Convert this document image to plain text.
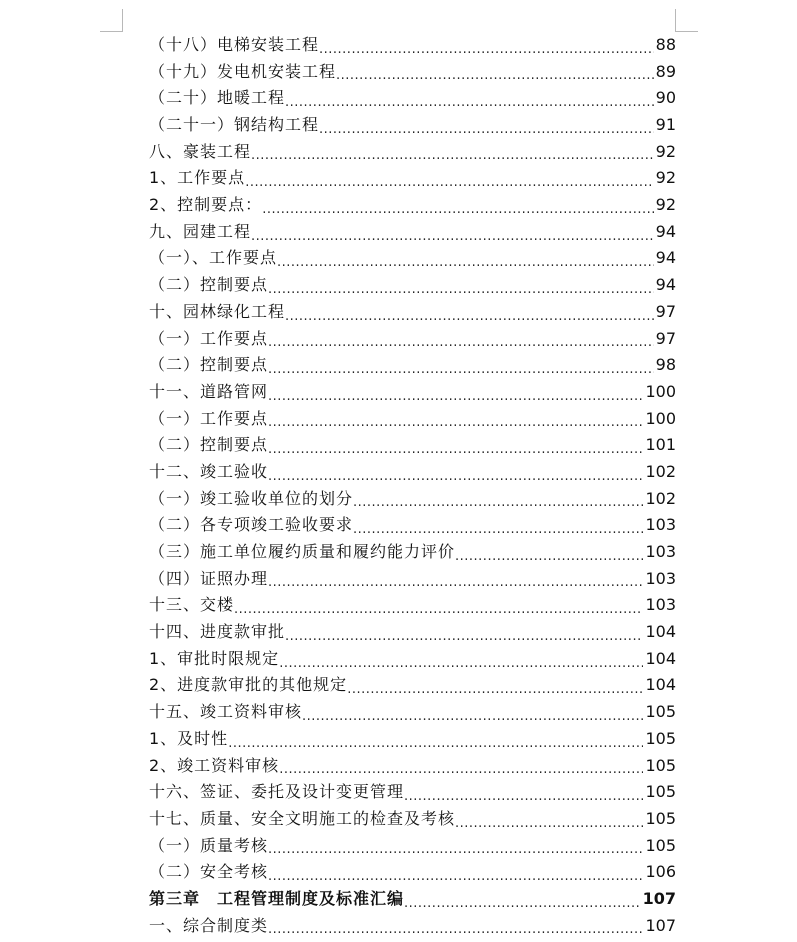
（十八）电梯安装工程 .....	88
（十九）发电机安装工程 .....	89
（二十）地暖工程 .....	90
（二十一）钢结构工程 .....	91
八、豪装工程 .....	92
1、工作要点 .....	92
2、控制要点： .....	92
九、园建工程 .....	94
（一）、工作要点 .....	94
（二）控制要点 .....	94
十、园林绿化工程 .....	97
（一）工作要点 .....	97
（二）控制要点 .....	98
十一、道路管网 .....	100
（一）工作要点 .....	100
（二）控制要点 .....	101
十二、竣工验收 .....	102
（一）竣工验收单位的划分 .....	102
（二）各专项竣工验收要求 .....	103
（三）施工单位履约质量和履约能力评价 .....	103
（四）证照办理 .....	103
十三、交楼 .....	103
十四、进度款审批 .....	104
1、审批时限规定 .....	104
2、进度款审批的其他规定 .....	104
十五、竣工资料审核 .....	105
1、及时性 .....	105
2、竣工资料审核 .....	105
十六、签证、委托及设计变更管理 .....	105
十七、质量、安全文明施工的检查及考核 .....	105
（一）质量考核 .....	105
（二）安全考核 .....	106
第三章　工程管理制度及标准汇编 .....	107
一、综合制度类 .....	107
